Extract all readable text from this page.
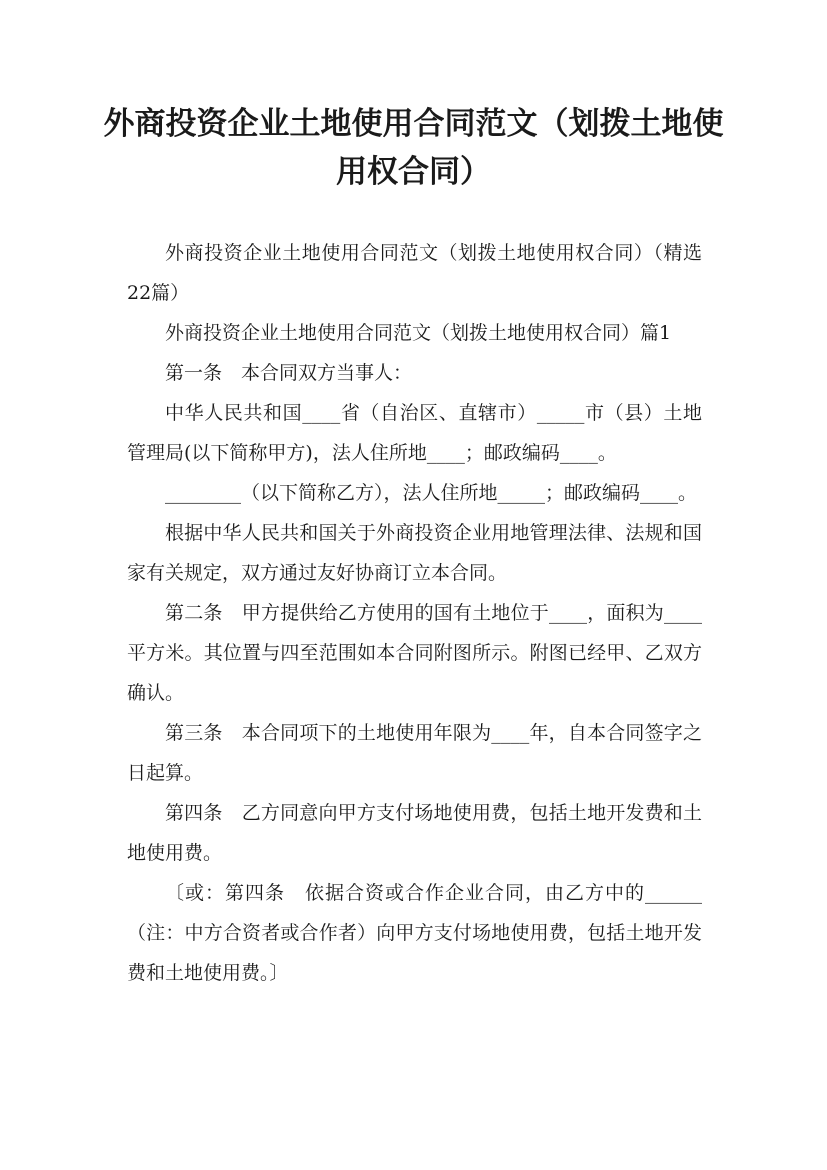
外商投资企业土地使用合同范文（划拨土地使用权合同）

外商投资企业土地使用合同范文（划拨土地使用权合同）（精选22篇）

外商投资企业土地使用合同范文（划拨土地使用权合同）篇1

第一条　本合同双方当事人：

中华人民共和国____省（自治区、直辖市）_____市（县）土地管理局(以下简称甲方)，法人住所地____；邮政编码____。

________（以下简称乙方），法人住所地_____；邮政编码____。

根据中华人民共和国关于外商投资企业用地管理法律、法规和国家有关规定，双方通过友好协商订立本合同。

第二条　甲方提供给乙方使用的国有土地位于____，面积为____平方米。其位置与四至范围如本合同附图所示。附图已经甲、乙双方确认。

第三条　本合同项下的土地使用年限为____年，自本合同签字之日起算。

第四条　乙方同意向甲方支付场地使用费，包括土地开发费和土地使用费。

〔或：第四条　依据合资或合作企业合同，由乙方中的______（注：中方合资者或合作者）向甲方支付场地使用费，包括土地开发费和土地使用费。〕
